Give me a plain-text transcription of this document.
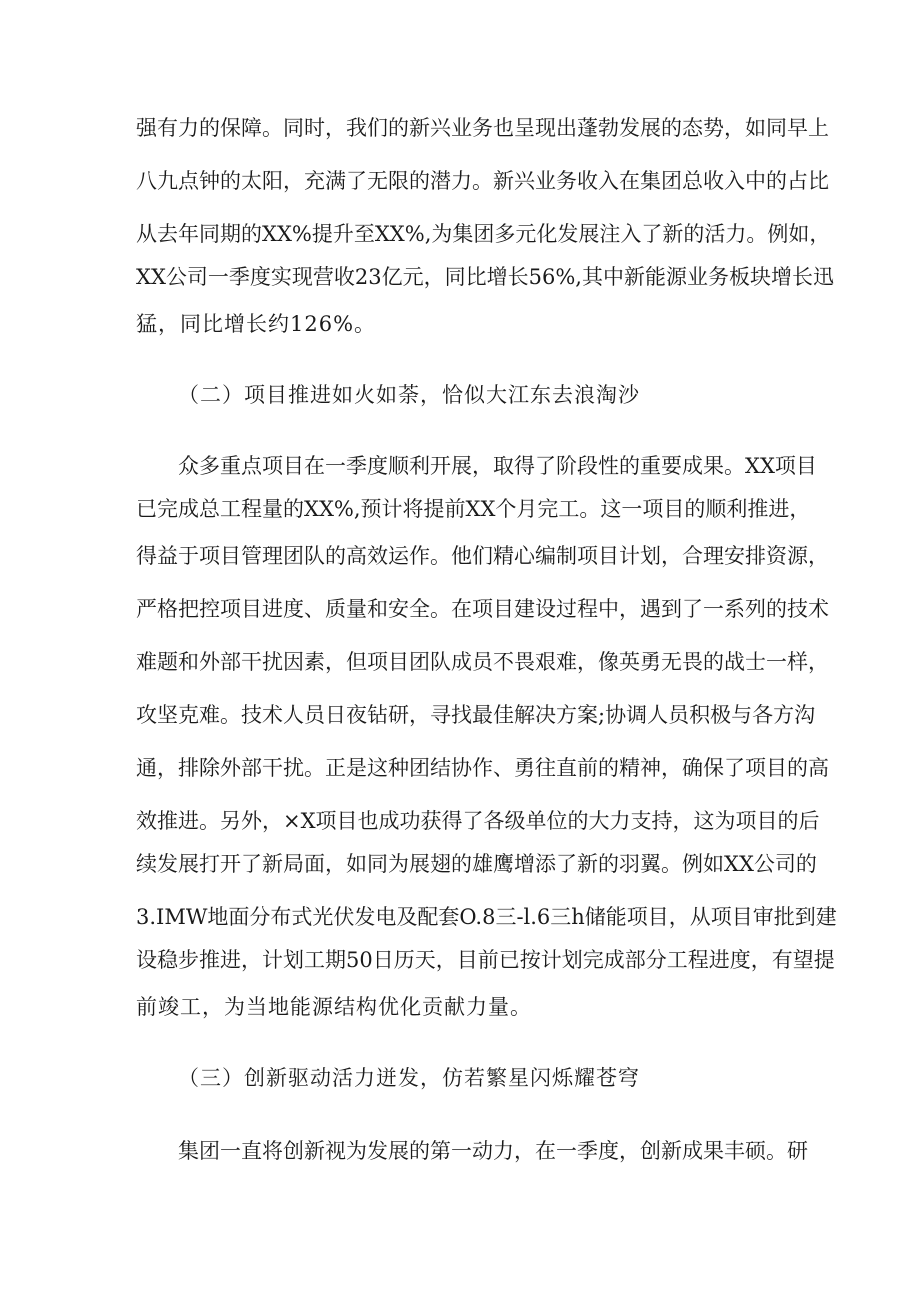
强有力的保障。同时，我们的新兴业务也呈现出蓬勃发展的态势，如同早上
八九点钟的太阳，充满了无限的潜力。新兴业务收入在集团总收入中的占比
从去年同期的XX%提升至XX%,为集团多元化发展注入了新的活力。例如，
XX公司一季度实现营收23亿元，同比增长56%,其中新能源业务板块增长迅
猛，同比增长约126%。
（二）项目推进如火如荼，恰似大江东去浪淘沙
众多重点项目在一季度顺利开展，取得了阶段性的重要成果。XX项目
已完成总工程量的XX%,预计将提前XX个月完工。这一项目的顺利推进，
得益于项目管理团队的高效运作。他们精心编制项目计划，合理安排资源，
严格把控项目进度、质量和安全。在项目建设过程中，遇到了一系列的技术
难题和外部干扰因素，但项目团队成员不畏艰难，像英勇无畏的战士一样，
攻坚克难。技术人员日夜钻研，寻找最佳解决方案;协调人员积极与各方沟
通，排除外部干扰。正是这种团结协作、勇往直前的精神，确保了项目的高
效推进。另外，×X项目也成功获得了各级单位的大力支持，这为项目的后
续发展打开了新局面，如同为展翅的雄鹰增添了新的羽翼。例如XX公司的
3.IMW地面分布式光伏发电及配套O.8三-l.6三h储能项目，从项目审批到建
设稳步推进，计划工期50日历天，目前已按计划完成部分工程进度，有望提
前竣工，为当地能源结构优化贡献力量。
（三）创新驱动活力迸发，仿若繁星闪烁耀苍穹
集团一直将创新视为发展的第一动力，在一季度，创新成果丰硕。研
